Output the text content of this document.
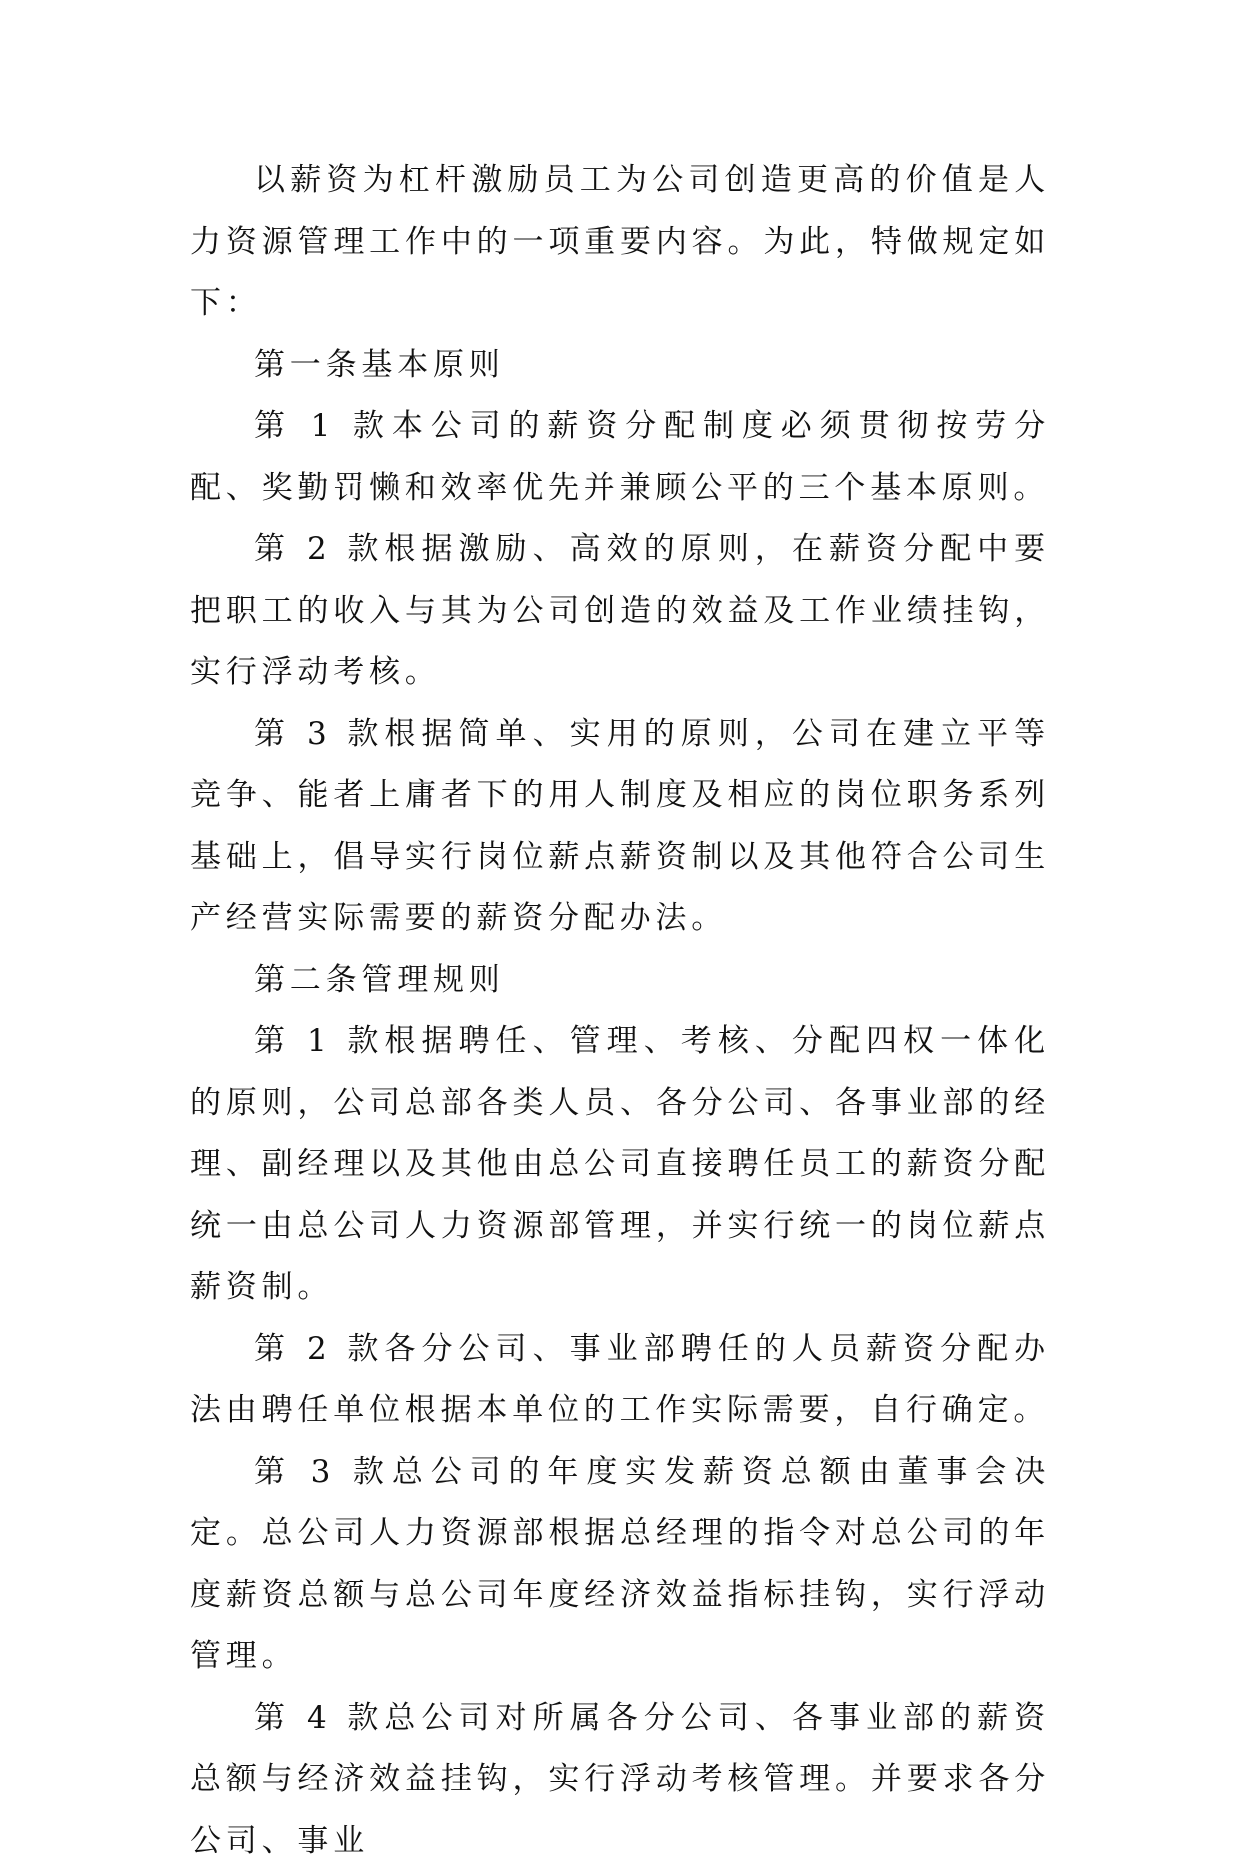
以薪资为杠杆激励员工为公司创造更高的价值是人力资源管理工作中的一项重要内容。为此，特做规定如下：

第一条基本原则

第 1 款本公司的薪资分配制度必须贯彻按劳分配、奖勤罚懒和效率优先并兼顾公平的三个基本原则。

第 2 款根据激励、高效的原则，在薪资分配中要把职工的收入与其为公司创造的效益及工作业绩挂钩，实行浮动考核。

第 3 款根据简单、实用的原则，公司在建立平等竞争、能者上庸者下的用人制度及相应的岗位职务系列基础上，倡导实行岗位薪点薪资制以及其他符合公司生产经营实际需要的薪资分配办法。

第二条管理规则

第 1 款根据聘任、管理、考核、分配四权一体化的原则，公司总部各类人员、各分公司、各事业部的经理、副经理以及其他由总公司直接聘任员工的薪资分配统一由总公司人力资源部管理，并实行统一的岗位薪点薪资制。

第 2 款各分公司、事业部聘任的人员薪资分配办法由聘任单位根据本单位的工作实际需要，自行确定。

第 3 款总公司的年度实发薪资总额由董事会决定。总公司人力资源部根据总经理的指令对总公司的年度薪资总额与总公司年度经济效益指标挂钩，实行浮动管理。

第 4 款总公司对所属各分公司、各事业部的薪资总额与经济效益挂钩，实行浮动考核管理。并要求各分公司、事业
